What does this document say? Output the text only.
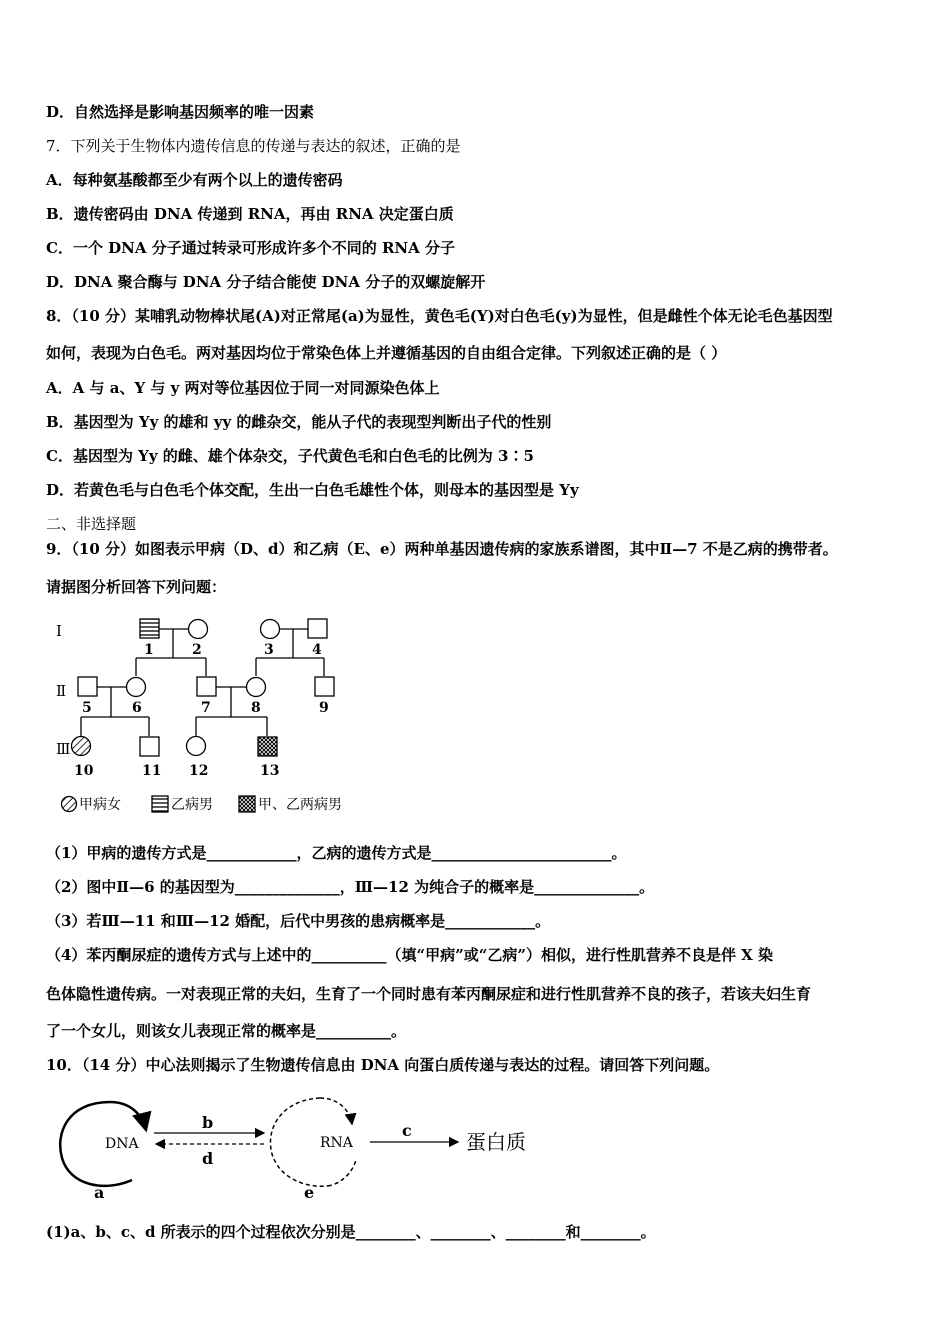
D．自然选择是影响基因频率的唯一因素
7．下列关于生物体内遗传信息的传递与表达的叙述，正确的是
A．每种氨基酸都至少有两个以上的遗传密码
B．遗传密码由 DNA 传递到 RNA，再由 RNA 决定蛋白质
C．一个 DNA 分子通过转录可形成许多个不同的 RNA 分子
D．DNA 聚合酶与 DNA 分子结合能使 DNA 分子的双螺旋解开
8．（10 分）某哺乳动物棒状尾(A)对正常尾(a)为显性，黄色毛(Y)对白色毛(y)为显性，但是雌性个体无论毛色基因型
如何，表现为白色毛。两对基因均位于常染色体上并遵循基因的自由组合定律。下列叙述正确的是（ ）
A．A 与 a、Y 与 y 两对等位基因位于同一对同源染色体上
B．基因型为 Yy 的雄和 yy 的雌杂交，能从子代的表现型判断出子代的性别
C．基因型为 Yy 的雌、雄个体杂交，子代黄色毛和白色毛的比例为 3∶5
D．若黄色毛与白色毛个体交配，生出一白色毛雄性个体，则母本的基因型是 Yy
二、非选择题
9．（10 分）如图表示甲病（D、d）和乙病（E、e）两种单基因遗传病的家族系谱图，其中Ⅱ—7 不是乙病的携带者。
请据图分析回答下列问题：
Ⅰ
Ⅱ
Ⅲ
1	2	3	4
5	6	7	8	9
10	11 12	13
甲病女	乙病男	甲、乙两病男
（1）甲病的遗传方式是____________，乙病的遗传方式是________________________。
（2）图中Ⅱ—6 的基因型为______________，Ⅲ—12 为纯合子的概率是______________。
（3）若Ⅲ—11 和Ⅲ—12 婚配，后代中男孩的患病概率是____________。
（4）苯丙酮尿症的遗传方式与上述中的__________（填“甲病”或“乙病”）相似，进行性肌营养不良是伴 X 染
色体隐性遗传病。一对表现正常的夫妇，生育了一个同时患有苯丙酮尿症和进行性肌营养不良的孩子，若该夫妇生育
了一个女儿，则该女儿表现正常的概率是__________。
10．（14 分）中心法则揭示了生物遗传信息由 DNA 向蛋白质传递与表达的过程。请回答下列问题。
DNA
a
b
d
RNA
e
c	蛋白质
(1)a、b、c、d 所表示的四个过程依次分别是________、________、________和________。
